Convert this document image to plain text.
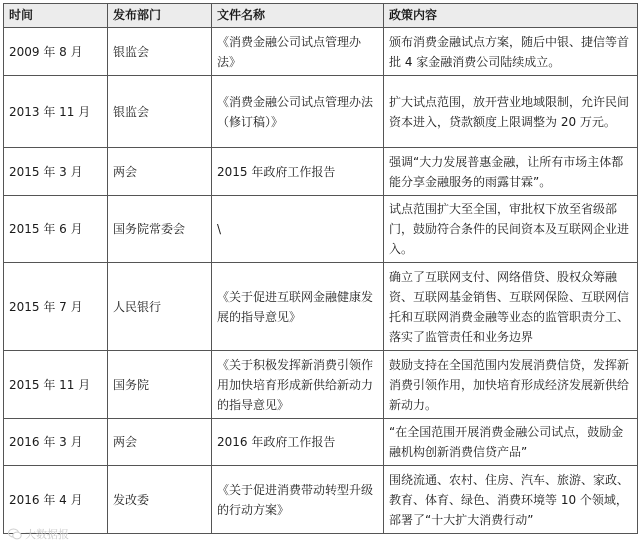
时间	发布部门	文件名称	政策内容
2009 年 8 月	银监会	《消费金融公司试点管理办法》	颁布消费金融试点方案，随后中银、捷信等首批 4 家金融消费公司陆续成立。
2013 年 11 月	银监会	《消费金融公司试点管理办法（修订稿）》	扩大试点范围，放开营业地域限制，允许民间资本进入，贷款额度上限调整为 20 万元。
2015 年 3 月	两会	2015 年政府工作报告	强调“大力发展普惠金融，让所有市场主体都能分享金融服务的雨露甘霖”。
2015 年 6 月	国务院常委会	\	试点范围扩大至全国，审批权下放至省级部门，鼓励符合条件的民间资本及互联网企业进入。
2015 年 7 月	人民银行	《关于促进互联网金融健康发展的指导意见》	确立了互联网支付、网络借贷、股权众筹融资、互联网基金销售、互联网保险、互联网信托和互联网消费金融等业态的监管职责分工、落实了监管责任和业务边界
2015 年 11 月	国务院	《关于积极发挥新消费引领作用加快培育形成新供给新动力的指导意见》	鼓励支持在全国范围内发展消费信贷，发挥新消费引领作用，加快培育形成经济发展新供给新动力。
2016 年 3 月	两会	2016 年政府工作报告	“在全国范围开展消费金融公司试点，鼓励金融机构创新消费信贷产品”
2016 年 4 月	发改委	《关于促进消费带动转型升级的行动方案》	围绕流通、农村、住房、汽车、旅游、家政、教育、体育、绿色、消费环境等 10 个领域，部署了“十大扩大消费行动”
大数据报
